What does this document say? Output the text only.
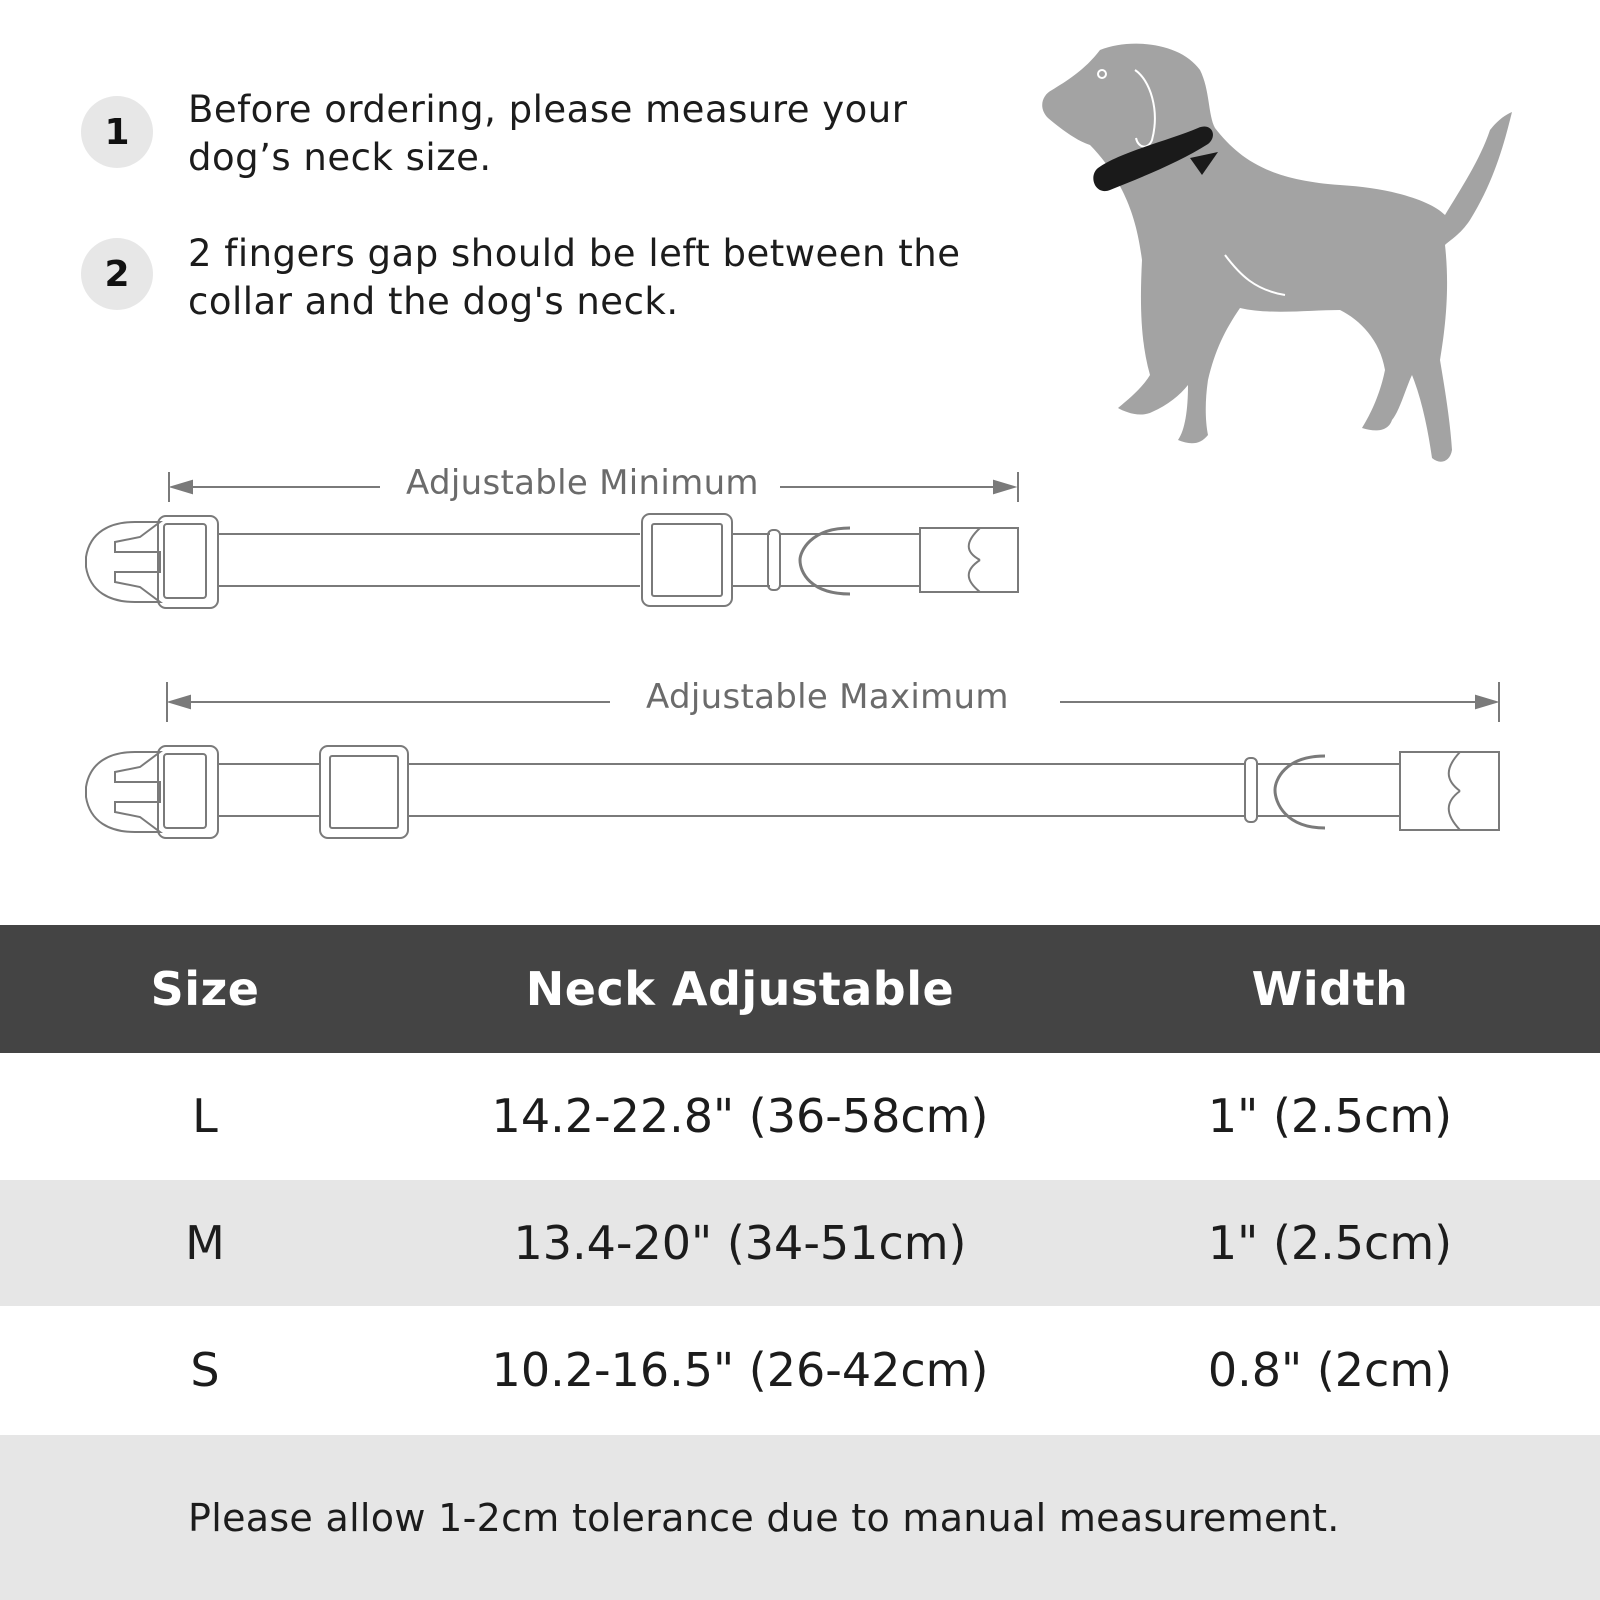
1
Before ordering, please measure your dog’s neck size.
2	2 fingers gap should be left between the collar and the dog's neck.
Adjustable Minimum
Adjustable Maximum
Size	Neck Adjustable	Width
L	14.2-22.8" (36-58cm)	1" (2.5cm)
M	13.4-20" (34-51cm)	1" (2.5cm)
S	10.2-16.5" (26-42cm)	0.8" (2cm)
Please allow 1-2cm tolerance due to manual measurement.
